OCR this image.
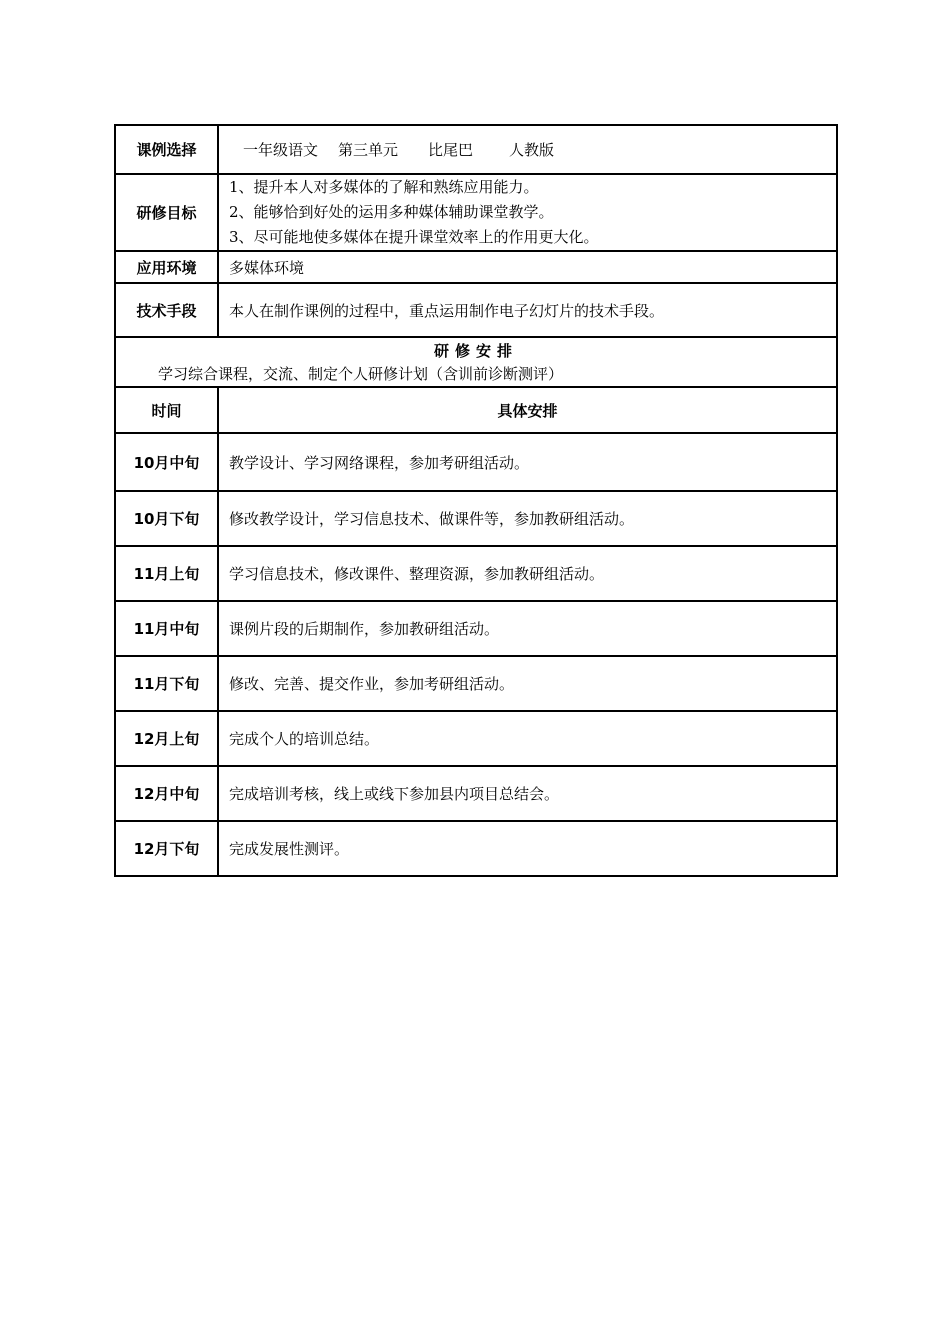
课例选择	一年级语文 第三单元 比尾巴 人教版
研修目标	1、提升本人对多媒体的了解和熟练应用能力。
2、能够恰到好处的运用多种媒体辅助课堂教学。
3、尽可能地使多媒体在提升课堂效率上的作用更大化。

应用环境	多媒体环境
技术手段	本人在制作课例的过程中，重点运用制作电子幻灯片的技术手段。

研修安排
学习综合课程，交流、制定个人研修计划（含训前诊断测评）	

时间	具体安排
10月中旬	教学设计、学习网络课程，参加考研组活动。
10月下旬	修改教学设计，学习信息技术、做课件等，参加教研组活动。
11月上旬	学习信息技术，修改课件、整理资源，参加教研组活动。
11月中旬	课例片段的后期制作，参加教研组活动。
11月下旬	修改、完善、提交作业，参加考研组活动。
12月上旬	完成个人的培训总结。
12月中旬	完成培训考核，线上或线下参加县内项目总结会。
12月下旬	完成发展性测评。
